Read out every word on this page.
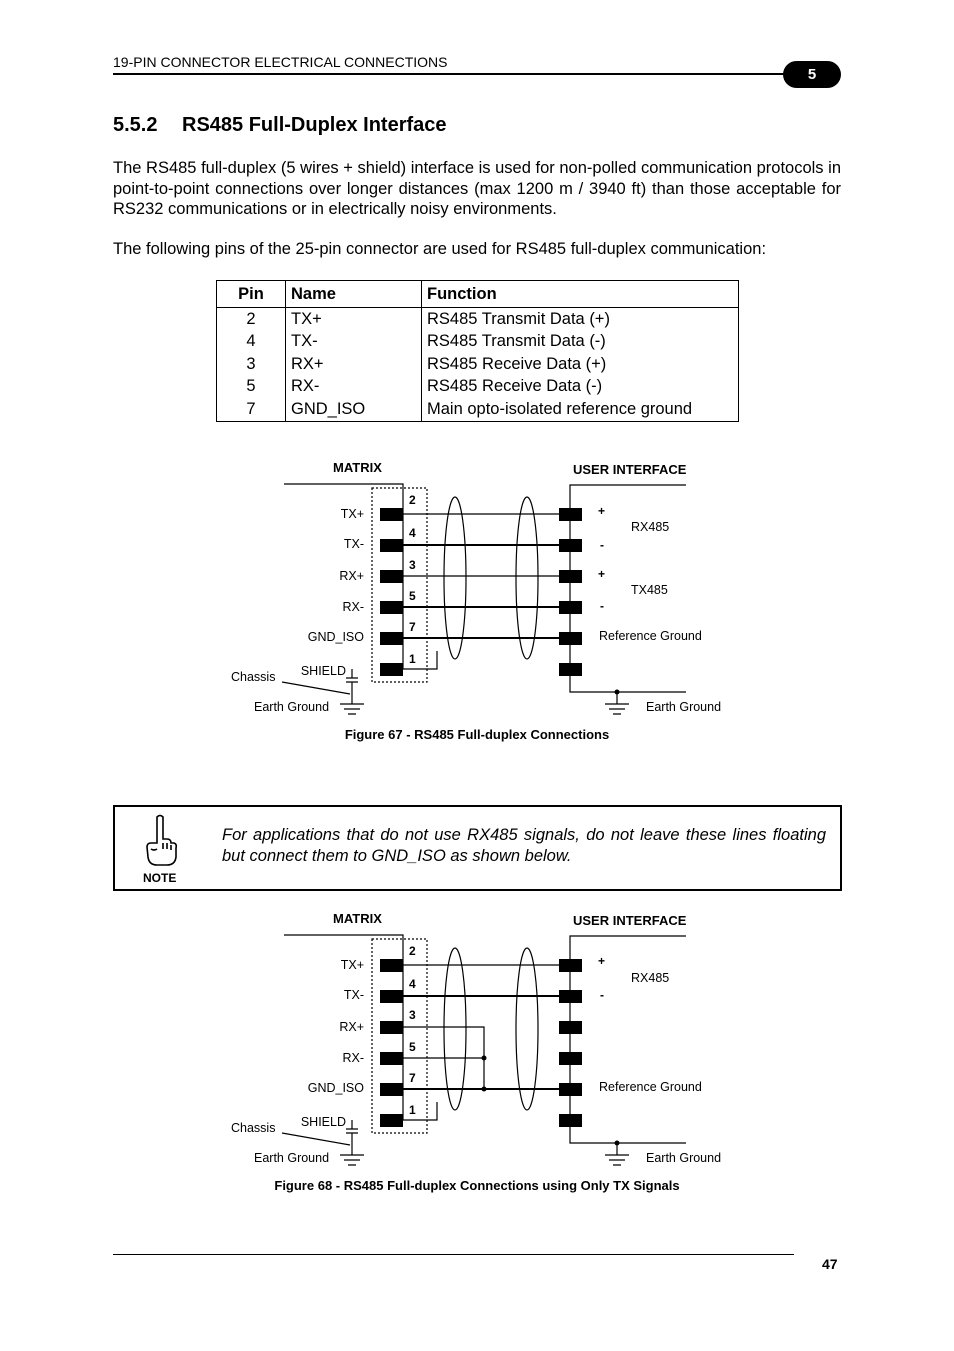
19-PIN CONNECTOR ELECTRICAL CONNECTIONS
5
5.5.2 RS485 Full-Duplex Interface

The RS485 full-duplex (5 wires + shield) interface is used for non-polled communication protocols in point-to-point connections over longer distances (max 1200 m / 3940 ft) than those acceptable for RS232 communications or in electrically noisy environments.

The following pins of the 25-pin connector are used for RS485 full-duplex communication:

Pin	Name	Function
2	TX+	RS485 Transmit Data (+)
4	TX-	RS485 Transmit Data (-)
3	RX+	RS485 Receive Data (+)
5	RX-	RS485 Receive Data (-)
7	GND_ISO	Main opto-isolated reference ground
MATRIX	USER INTERFACE
TX+
TX-
RX+
RX-
GND_ISO
SHIELD
Chassis
Earth Ground	Earth Ground
2
4
3
5
7
1
+
-
+
-
RX485
TX485
Reference Ground
Figure 67 - RS485 Full-duplex Connections
NOTE

For applications that do not use RX485 signals, do not leave these lines floating but connect them to GND_ISO as shown below.

MATRIX	USER INTERFACE
TX+
TX-
RX+
RX-
GND_ISO
SHIELD
Chassis
Earth Ground	Earth Ground
2
4
3
5
7
1
+
-
RX485
Reference Ground
Figure 68 - RS485 Full-duplex Connections using Only TX Signals
47
